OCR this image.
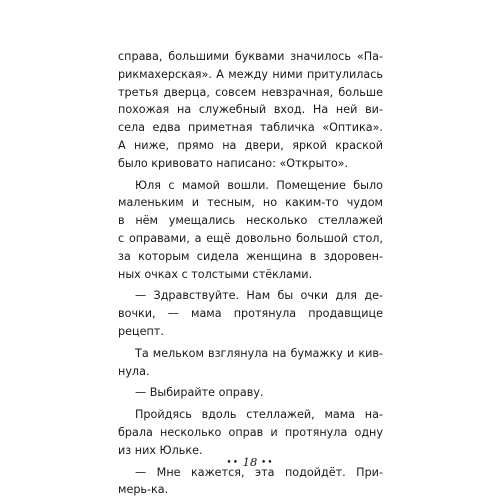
справа, большими буквами значилось «Па-
рикмахерская». А между ними притулилась
третья дверца, совсем невзрачная, больше
похожая на служебный вход. На ней ви-
села едва приметная табличка «Оптика».
А ниже, прямо на двери, яркой краской
было кривовато написано: «Открыто».
Юля с мамой вошли. Помещение было
маленьким и тесным, но каким-то чудом
в нём умещались несколько стеллажей
с оправами, а ещё довольно большой стол,
за которым сидела женщина в здоровен-
ных очках с толстыми стёклами.
— Здравствуйте. Нам бы очки для де-
вочки, — мама протянула продавщице
рецепт.
Та мельком взглянула на бумажку и кив-
нула.
— Выбирайте оправу.
Пройдясь вдоль стеллажей, мама на-
брала несколько оправ и протянула одну
из них Юльке.
— Мне кажется, эта подойдёт. При-
мерь-ка.
•• 18 ••
